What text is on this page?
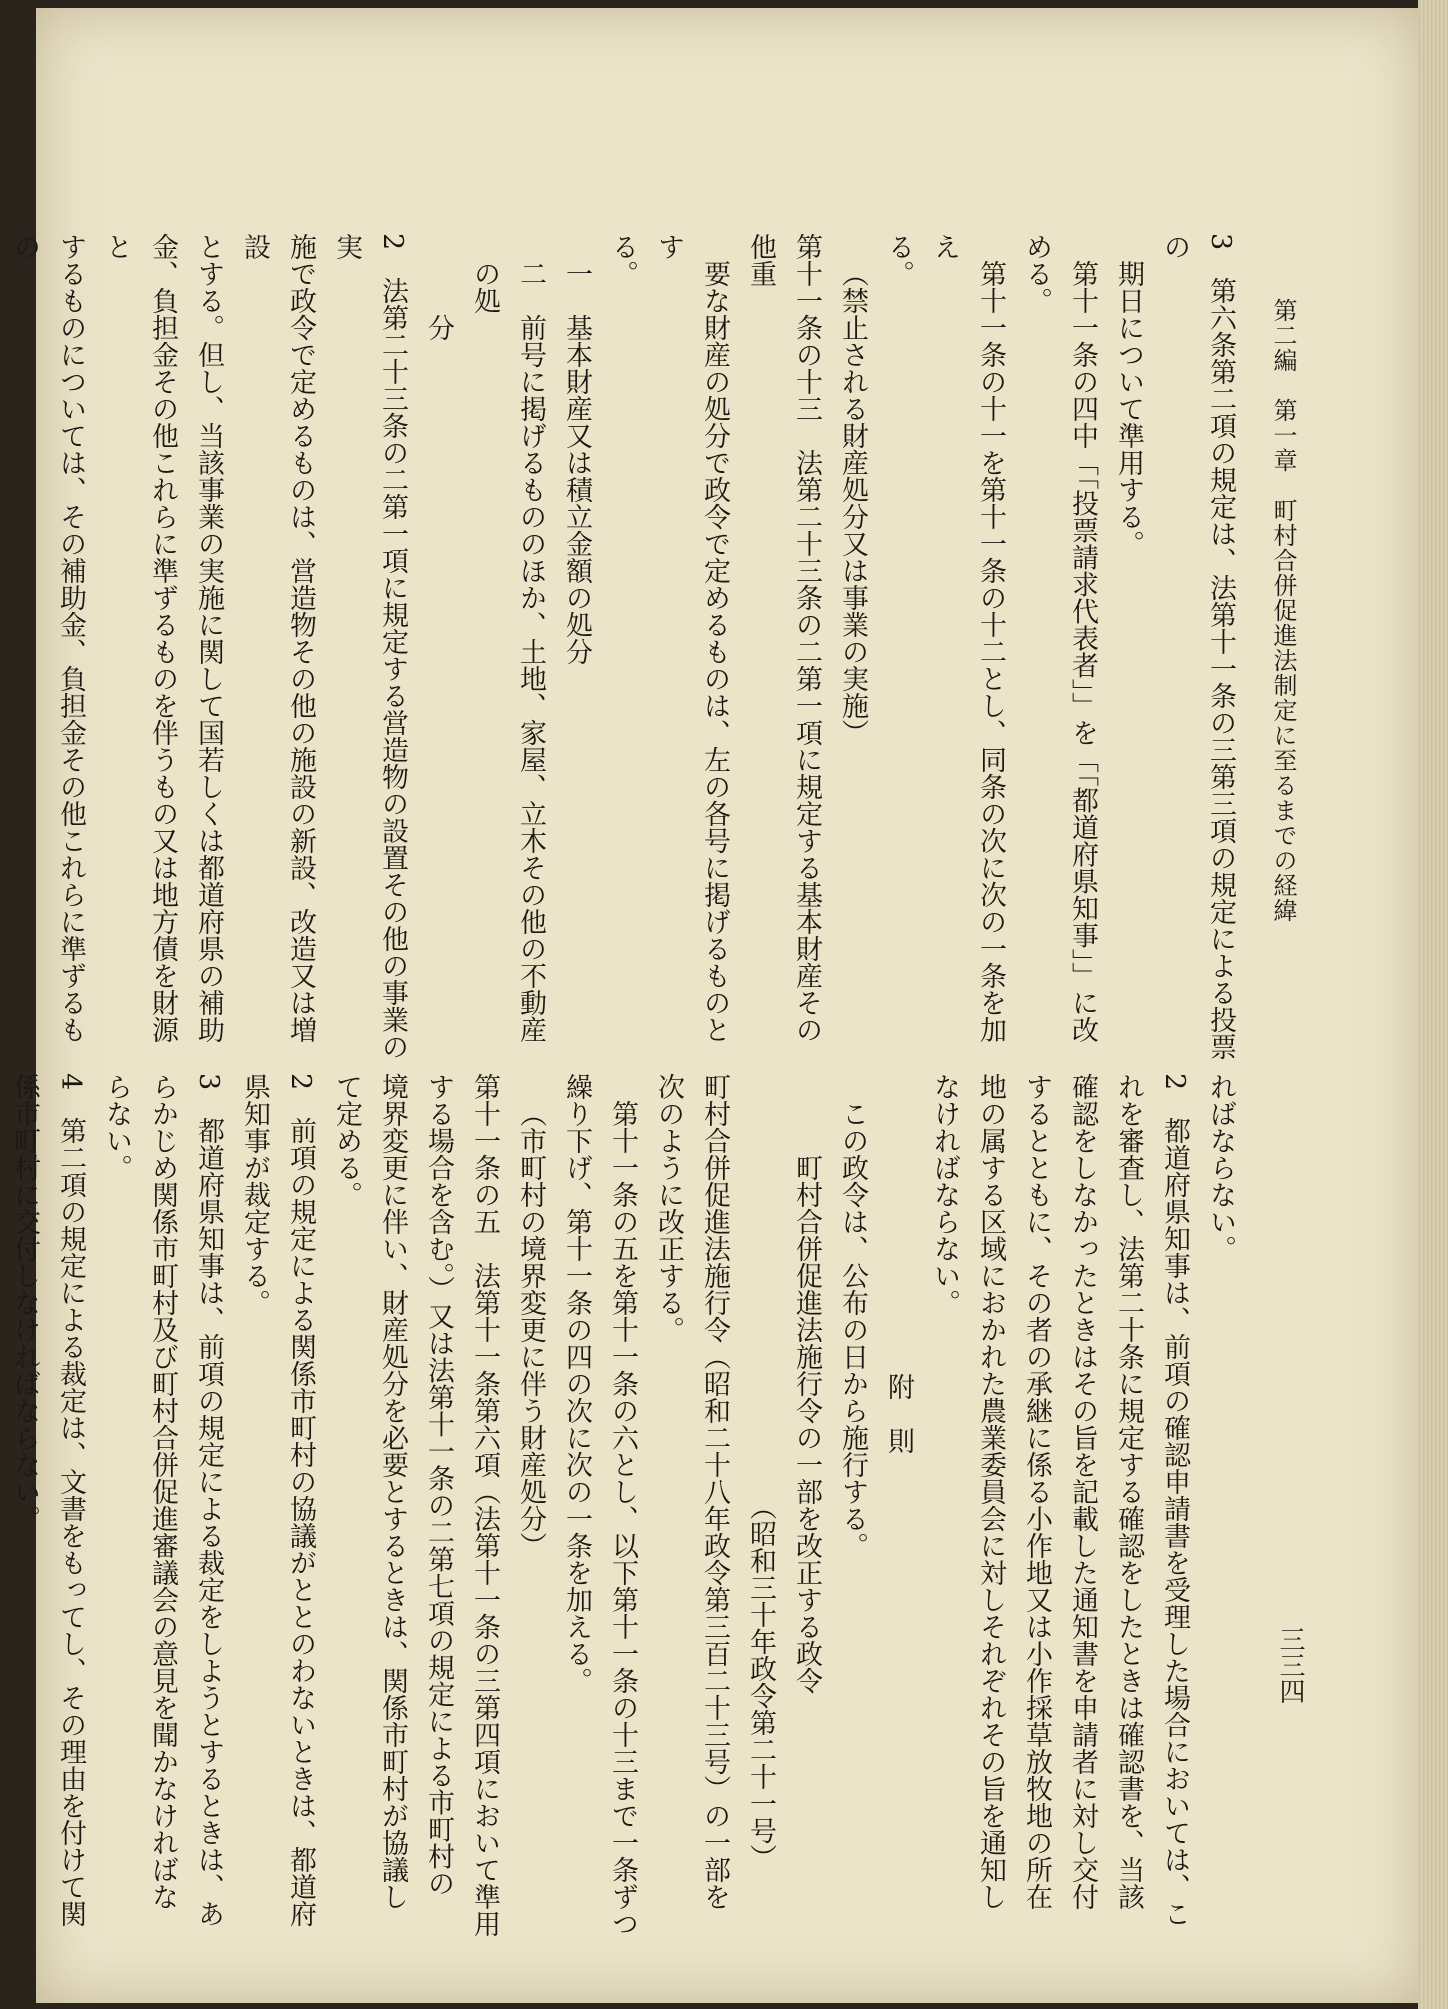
第二編　第一章　町村合併促進法制定に至るまでの経緯
三三四

3　第六条第二項の規定は、法第十一条の三第三項の規定による投票の

　期日について準用する。

　第十一条の四中「「投票請求代表者」」を「「都道府県知事」」に改

める。

　第十一条の十一を第十一条の十二とし、同条の次に次の一条を加え

る。

（禁止される財産処分又は事業の実施）

第十一条の十三　法第二十三条の二第一項に規定する基本財産その他重

　要な財産の処分で政令で定めるものは、左の各号に掲げるものとす

る。

一　基本財産又は積立金額の処分

二　前号に掲げるもののほか、土地、家屋、立木その他の不動産の処

　分

2　法第二十三条の二第一項に規定する営造物の設置その他の事業の実

施で政令で定めるものは、営造物その他の施設の新設、改造又は増設

とする。但し、当該事業の実施に関して国若しくは都道府県の補助

金、負担金その他これらに準ずるものを伴うもの又は地方債を財源と

するものについては、その補助金、負担金その他これらに準ずるもの

ればならない。

2　都道府県知事は、前項の確認申請書を受理した場合においては、こ

れを審査し、法第二十条に規定する確認をしたときは確認書を、当該

確認をしなかったときはその旨を記載した通知書を申請者に対し交付

するとともに、その者の承継に係る小作地又は小作採草放牧地の所在

地の属する区域におかれた農業委員会に対しそれぞれその旨を通知し

なければならない。

附　則

この政令は、公布の日から施行する。

町村合併促進法施行令の一部を改正する政令

（昭和三十年政令第二十一号）

町村合併促進法施行令（昭和二十八年政令第三百二十三号）の一部を

次のように改正する。

第十一条の五を第十一条の六とし、以下第十一条の十三まで一条ずつ

繰り下げ、第十一条の四の次に次の一条を加える。

（市町村の境界変更に伴う財産処分）

第十一条の五　法第十一条第六項（法第十一条の三第四項において準用

する場合を含む。）又は法第十一条の二第七項の規定による市町村の

境界変更に伴い、財産処分を必要とするときは、関係市町村が協議し

て定める。

2　前項の規定による関係市町村の協議がととのわないときは、都道府

県知事が裁定する。

3　都道府県知事は、前項の規定による裁定をしようとするときは、あ

らかじめ関係市町村及び町村合併促進審議会の意見を聞かなければな

らない。

4　第二項の規定による裁定は、文書をもってし、その理由を付けて関

係市町村に交付しなければならない。
